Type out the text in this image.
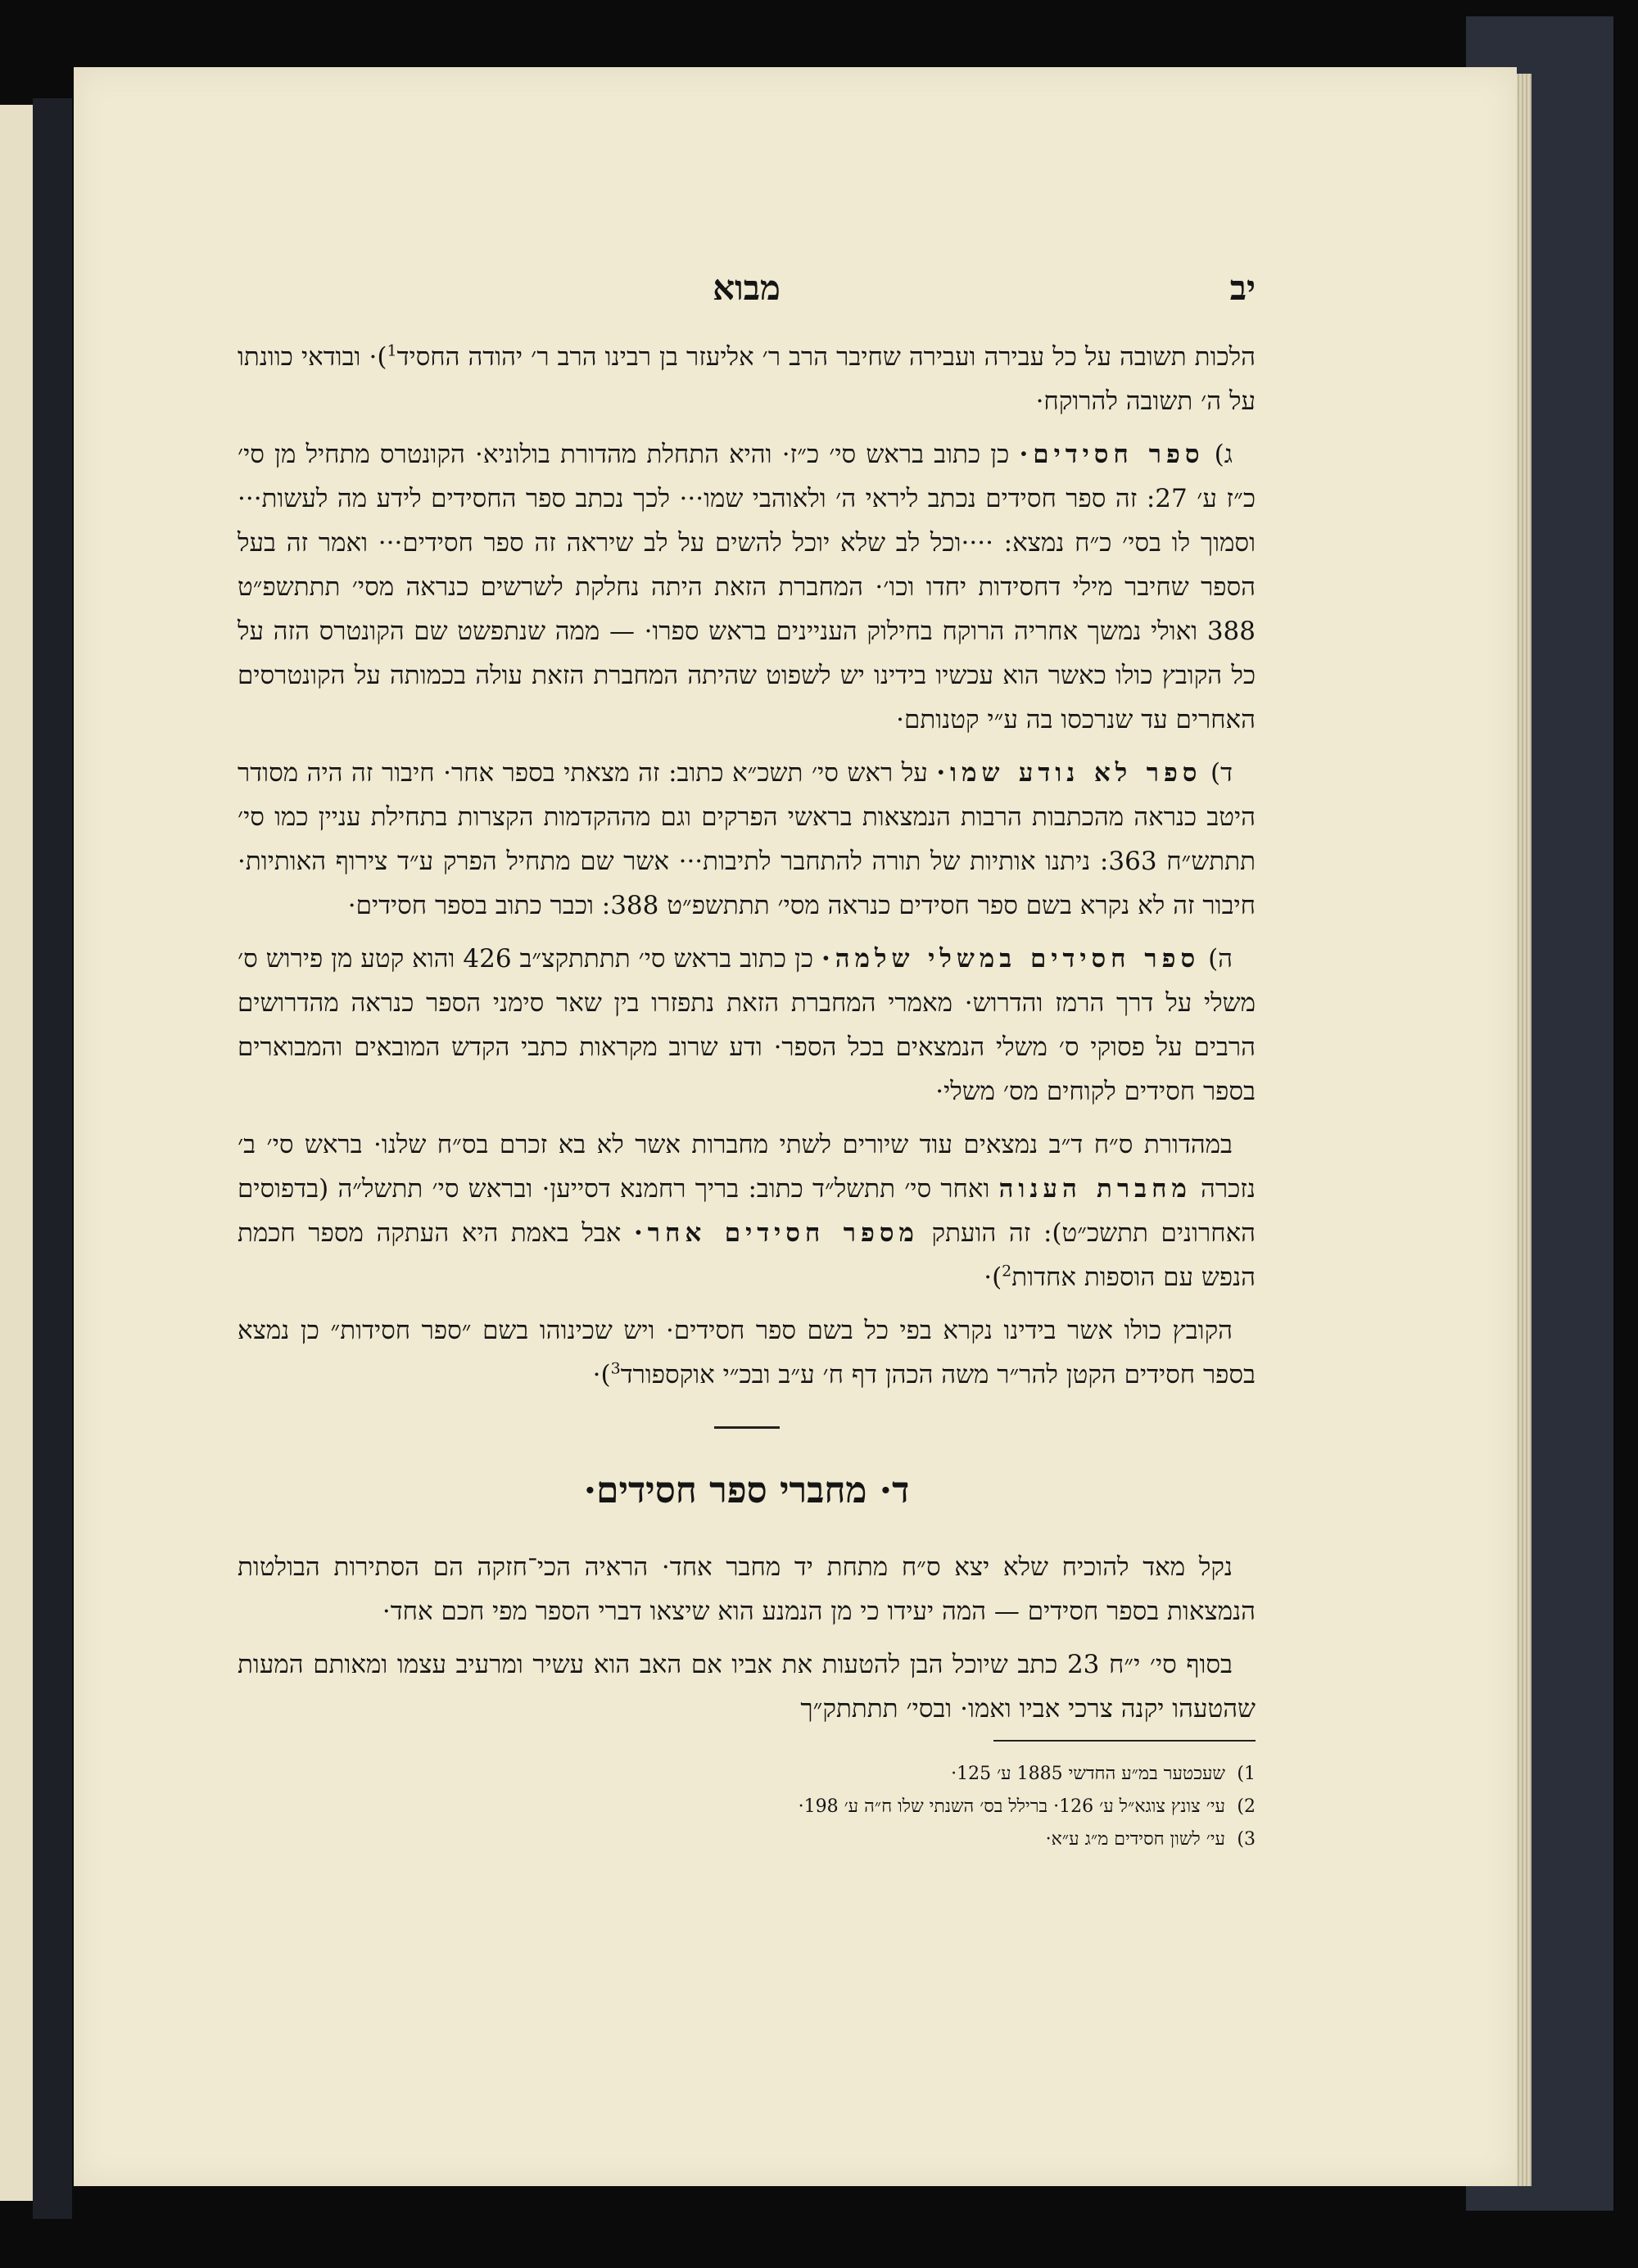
יב
מבוא

הלכות תשובה על כל עבירה ועבירה שחיבר הרב ר׳ אליעזר בן רבינו הרב ר׳ יהודה החסיד$^1$)· ובודאי כוונתו על ה׳ תשובה להרוקח·

ג) ספר חסידים· כן כתוב בראש סי׳ כ״ז· והיא התחלת מהדורת בולוניא· הקונטרס מתחיל מן סי׳ כ״ז ע׳ 27: זה ספר חסידים נכתב ליראי ה׳ ולאוהבי שמו··· לכך נכתב ספר החסידים לידע מה לעשות··· וסמוך לו בסי׳ כ״ח נמצא: ····וכל לב שלא יוכל להשים על לב שיראה זה ספר חסידים··· ואמר זה בעל הספר שחיבר מילי דחסידות יחדו וכו׳· המחברת הזאת היתה נחלקת לשרשים כנראה מסי׳ תתתשפ״ט 388 ואולי נמשך אחריה הרוקח בחילוק העניינים בראש ספרו· — ממה שנתפשט שם הקונטרס הזה על כל הקובץ כולו כאשר הוא עכשיו בידינו יש לשפוט שהיתה המחברת הזאת עולה בכמותה על הקונטרסים האחרים עד שנרכסו בה ע״י קטנותם·

ד) ספר לא נודע שמו· על ראש סי׳ תשכ״א כתוב: זה מצאתי בספר אחר· חיבור זה היה מסודר היטב כנראה מהכתבות הרבות הנמצאות בראשי הפרקים וגם מההקדמות הקצרות בתחילת עניין כמו סי׳ תתתש״ח 363: ניתנו אותיות של תורה להתחבר לתיבות··· אשר שם מתחיל הפרק ע״ד צירוף האותיות· חיבור זה לא נקרא בשם ספר חסידים כנראה מסי׳ תתתשפ״ט 388: וכבר כתוב בספר חסידים·

ה) ספר חסידים במשלי שלמה· כן כתוב בראש סי׳ תתתתקצ״ב 426 והוא קטע מן פירוש ס׳ משלי על דרך הרמז והדרוש· מאמרי המחברת הזאת נתפזרו בין שאר סימני הספר כנראה מהדרושים הרבים על פסוקי ס׳ משלי הנמצאים בכל הספר· ודע שרוב מקראות כתבי הקדש המובאים והמבוארים בספר חסידים לקוחים מס׳ משלי·

במהדורת ס״ח ד״ב נמצאים עוד שיורים לשתי מחברות אשר לא בא זכרם בס״ח שלנו· בראש סי׳ ב׳ נזכרה מחברת הענוה ואחר סי׳ תתשל״ד כתוב: בריך רחמנא דסייען· ובראש סי׳ תתשל״ה (בדפוסים האחרונים תתשכ״ט): זה הועתק מספר חסידים אחר· אבל באמת היא העתקה מספר חכמת הנפש עם הוספות אחדות$^2$)·

הקובץ כולו אשר בידינו נקרא בפי כל בשם ספר חסידים· ויש שכינוהו בשם ״ספר חסידות״ כן נמצא בספר חסידים הקטן להר״ר משה הכהן דף ח׳ ע״ב ובכ״י אוקספורד$^3$)·

ד· מחברי ספר חסידים·

נקל מאד להוכיח שלא יצא ס״ח מתחת יד מחבר אחד· הראיה הכי־חזקה הם הסתירות הבולטות הנמצאות בספר חסידים — המה יעידו כי מן הנמנע הוא שיצאו דברי הספר מפי חכם אחד·

בסוף סי׳ י״ח 23 כתב שיוכל הבן להטעות את אביו אם האב הוא עשיר ומרעיב עצמו ומאותם המעות שהטעהו יקנה צרכי אביו ואמו· ובסי׳ תתתתק״ך

1) שעכטער במ״ע החדשי 1885 ע׳ 125·

2) עי׳ צונץ צוגא״ל ע׳ 126· ברילל בס׳ השנתי שלו ח״ה ע׳ 198·

3) עי׳ לשון חסידים מ״ג ע״א·
